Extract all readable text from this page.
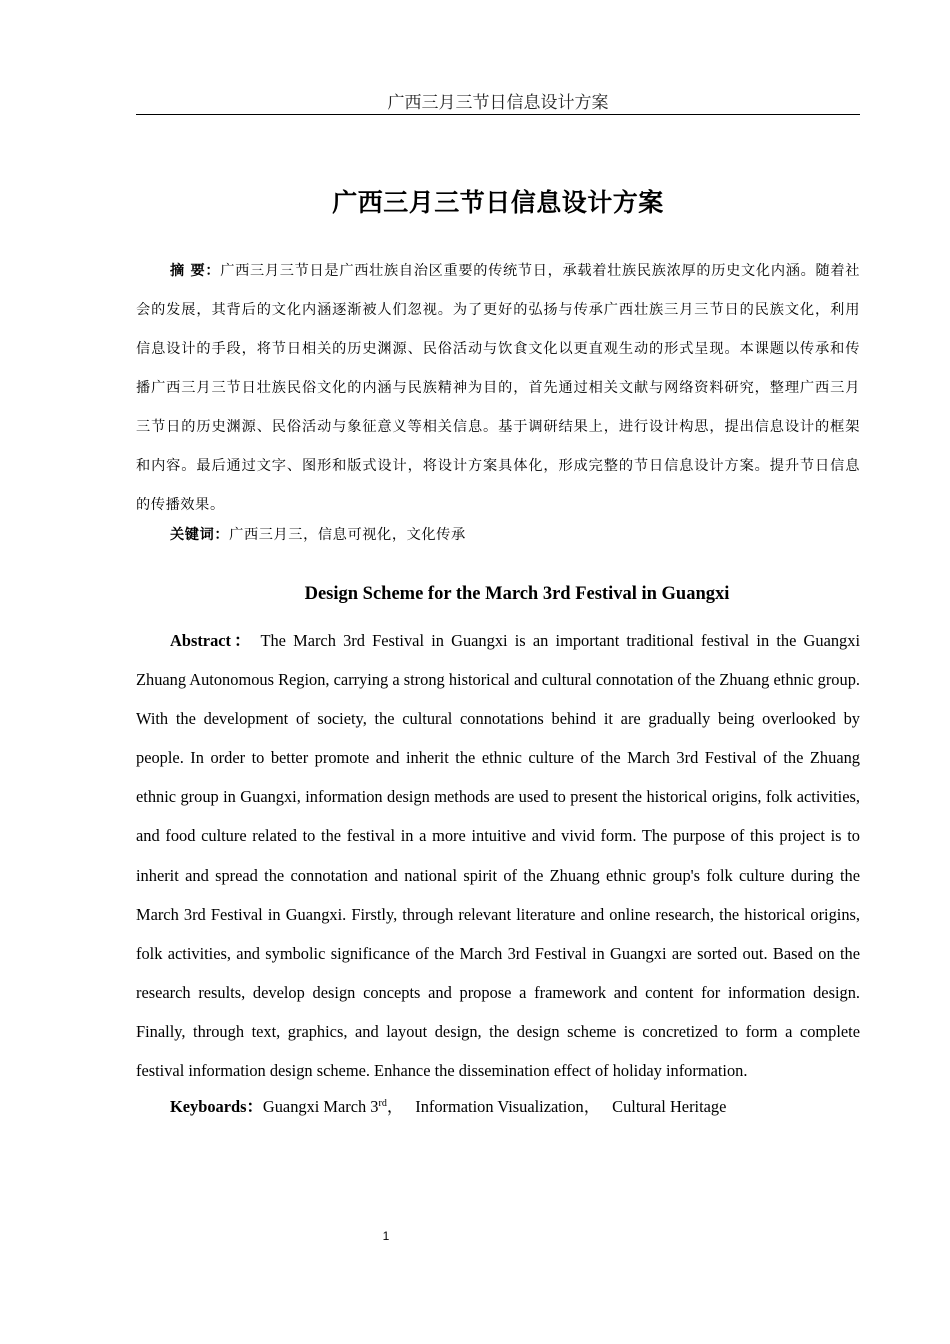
广西三月三节日信息设计方案
广西三月三节日信息设计方案
摘 要：广西三月三节日是广西壮族自治区重要的传统节日，承载着壮族民族浓厚的历史文化内涵。随着社会的发展，其背后的文化内涵逐渐被人们忽视。为了更好的弘扬与传承广西壮族三月三节日的民族文化，利用信息设计的手段，将节日相关的历史渊源、民俗活动与饮食文化以更直观生动的形式呈现。本课题以传承和传播广西三月三节日壮族民俗文化的内涵与民族精神为目的，首先通过相关文献与网络资料研究，整理广西三月三节日的历史渊源、民俗活动与象征意义等相关信息。基于调研结果上，进行设计构思，提出信息设计的框架和内容。最后通过文字、图形和版式设计，将设计方案具体化，形成完整的节日信息设计方案。提升节日信息的传播效果。
关键词：广西三月三，信息可视化，文化传承
Design Scheme for the March 3rd Festival in Guangxi
Abstract： The March 3rd Festival in Guangxi is an important traditional festival in the Guangxi Zhuang Autonomous Region, carrying a strong historical and cultural connotation of the Zhuang ethnic group. With the development of society, the cultural connotations behind it are gradually being overlooked by people. In order to better promote and inherit the ethnic culture of the March 3rd Festival of the Zhuang ethnic group in Guangxi, information design methods are used to present the historical origins, folk activities, and food culture related to the festival in a more intuitive and vivid form. The purpose of this project is to inherit and spread the connotation and national spirit of the Zhuang ethnic group's folk culture during the March 3rd Festival in Guangxi. Firstly, through relevant literature and online research, the historical origins, folk activities, and symbolic significance of the March 3rd Festival in Guangxi are sorted out. Based on the research results, develop design concepts and propose a framework and content for information design. Finally, through text, graphics, and layout design, the design scheme is concretized to form a complete festival information design scheme. Enhance the dissemination effect of holiday information.
Keyboards：Guangxi March 3rd， Information Visualization， Cultural Heritage
1
